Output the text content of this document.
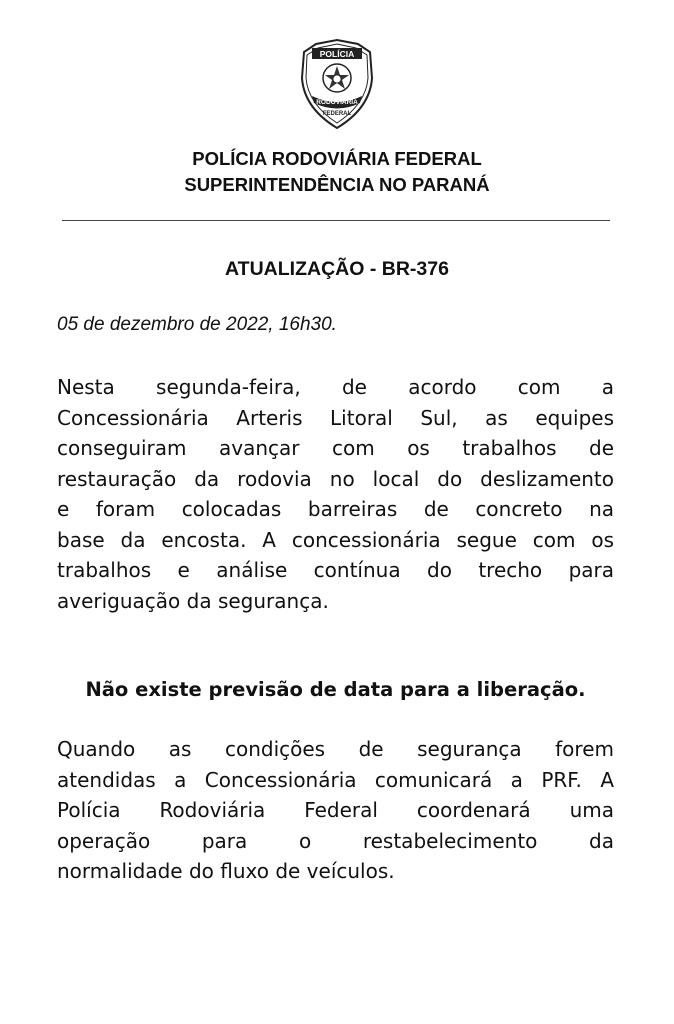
POLÍCIA
RODOVIÁRIA
FEDERAL
POLÍCIA RODOVIÁRIA FEDERAL
SUPERINTENDÊNCIA NO PARANÁ
ATUALIZAÇÃO - BR-376
05 de dezembro de 2022, 16h30.
Nesta segunda-feira, de acordo com a
Concessionária Arteris Litoral Sul, as equipes
conseguiram avançar com os trabalhos de
restauração da rodovia no local do deslizamento
e foram colocadas barreiras de concreto na
base da encosta. A concessionária segue com os
trabalhos e análise contínua do trecho para
averiguação da segurança.
Não existe previsão de data para a liberação.
Quando as condições de segurança forem
atendidas a Concessionária comunicará a PRF. A
Polícia Rodoviária Federal coordenará uma
operação para o restabelecimento da
normalidade do fluxo de veículos.
